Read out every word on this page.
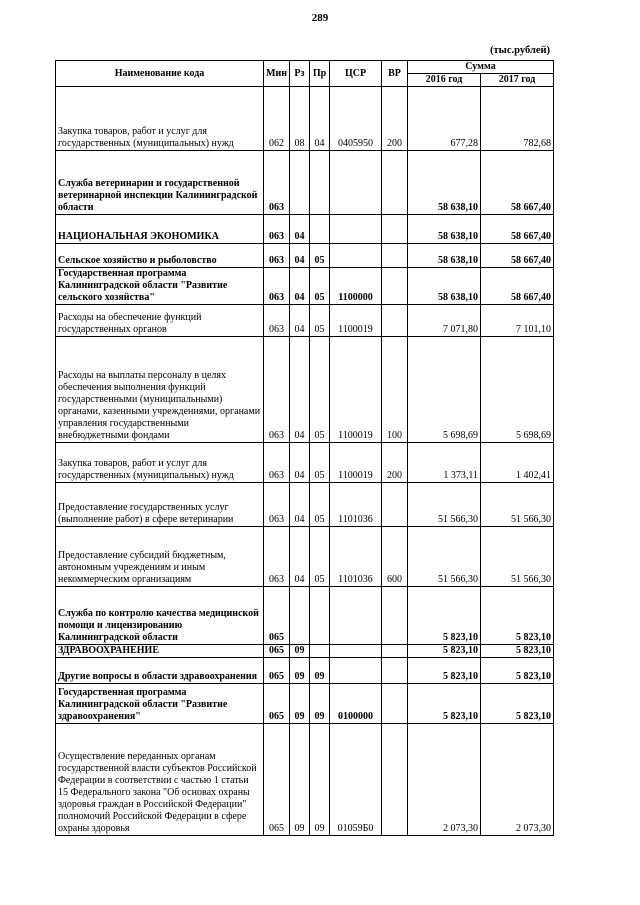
289
(тыс.рублей)
Наименование кода	Мин	Рз	Пр	ЦСР	ВР	Сумма	
						2016 год	2017 год
Закупка товаров, работ и услуг для государственных (муниципальных) нужд	062	08	04	0405950	200	677,28	782,68
Служба ветеринарии и государственной ветеринарной инспекции Калининградской области	063					58 638,10	58 667,40
НАЦИОНАЛЬНАЯ ЭКОНОМИКА	063	04				58 638,10	58 667,40
Сельское хозяйство и рыболовство	063	04	05			58 638,10	58 667,40
Государственная программа Калининградской области "Развитие сельского хозяйства"	063	04	05	1100000		58 638,10	58 667,40
Расходы на обеспечение функций государственных органов	063	04	05	1100019		7 071,80	7 101,10
Расходы на выплаты персоналу в целях обеспечения выполнения функций государственными (муниципальными) органами, казенными учреждениями, органами управления государственными внебюджетными фондами	063	04	05	1100019	100	5 698,69	5 698,69
Закупка товаров, работ и услуг для государственных (муниципальных) нужд	063	04	05	1100019	200	1 373,11	1 402,41
Предоставление государственных услуг (выполнение работ) в сфере ветеринарии	063	04	05	1101036		51 566,30	51 566,30
Предоставление субсидий бюджетным, автономным учреждениям и иным некоммерческим организациям	063	04	05	1101036	600	51 566,30	51 566,30
Служба по контролю качества медицинской помощи и лицензированию Калининградской области	065					5 823,10	5 823,10
ЗДРАВООХРАНЕНИЕ	065	09				5 823,10	5 823,10
Другие вопросы в области здравоохранения	065	09	09			5 823,10	5 823,10
Государственная программа Калининградской области "Развитие здравоохранения"	065	09	09	0100000		5 823,10	5 823,10
Осуществление переданных органам государственной власти субъектов Российской Федерации в соответствии с частью 1 статьи 15 Федерального закона "Об основах охраны здоровья граждан в Российской Федерации" полномочий Российской Федерации в сфере охраны здоровья	065	09	09	01059Б0		2 073,30	2 073,30
